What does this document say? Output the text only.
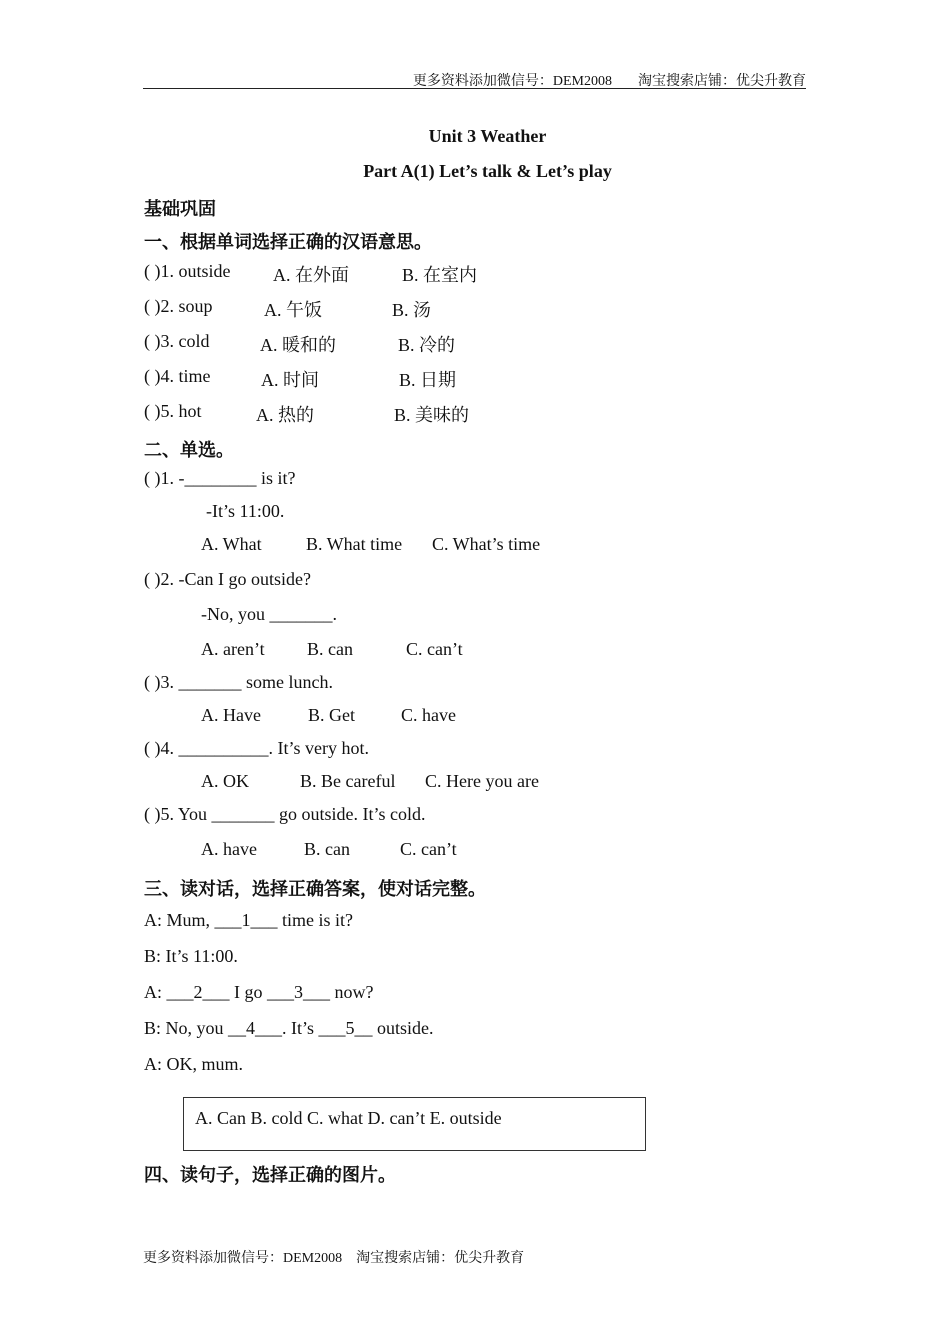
更多资料添加微信号：DEM2008 淘宝搜索店铺：优尖升教育
Unit 3 Weather
Part A(1) Let’s talk & Let’s play
基础巩固
一、根据单词选择正确的汉语意思。
( )1. outside A. 在外面	B. 在室内
( )2. soup	A. 午饭	B. 汤
( )3. cold	A. 暖和的	B. 冷的
( )4. time	A. 时间	B. 日期
( )5. hot	A. 热的	B. 美味的
二、单选。
( )1. -________ is it?
-It’s 11:00.
A. What B. What time C. What’s time
( )2. -Can I go outside?
-No, you _______.
A. aren’t B. can	C. can’t
( )3. _______ some lunch.
A. Have	B. Get	C. have
( )4. __________. It’s very hot.
A. OK	B. Be careful C. Here you are
( )5. You _______ go outside. It’s cold.
A. have	B. can	C. can’t
三、读对话，选择正确答案，使对话完整。
A: Mum, ___1___ time is it?
B: It’s 11:00.
A: ___2___ I go ___3___ now?
B: No, you __4___. It’s ___5__ outside.
A: OK, mum.
A. Can B. cold C. what D. can’t E. outside
四、读句子，选择正确的图片。
更多资料添加微信号：DEM2008 淘宝搜索店铺：优尖升教育
